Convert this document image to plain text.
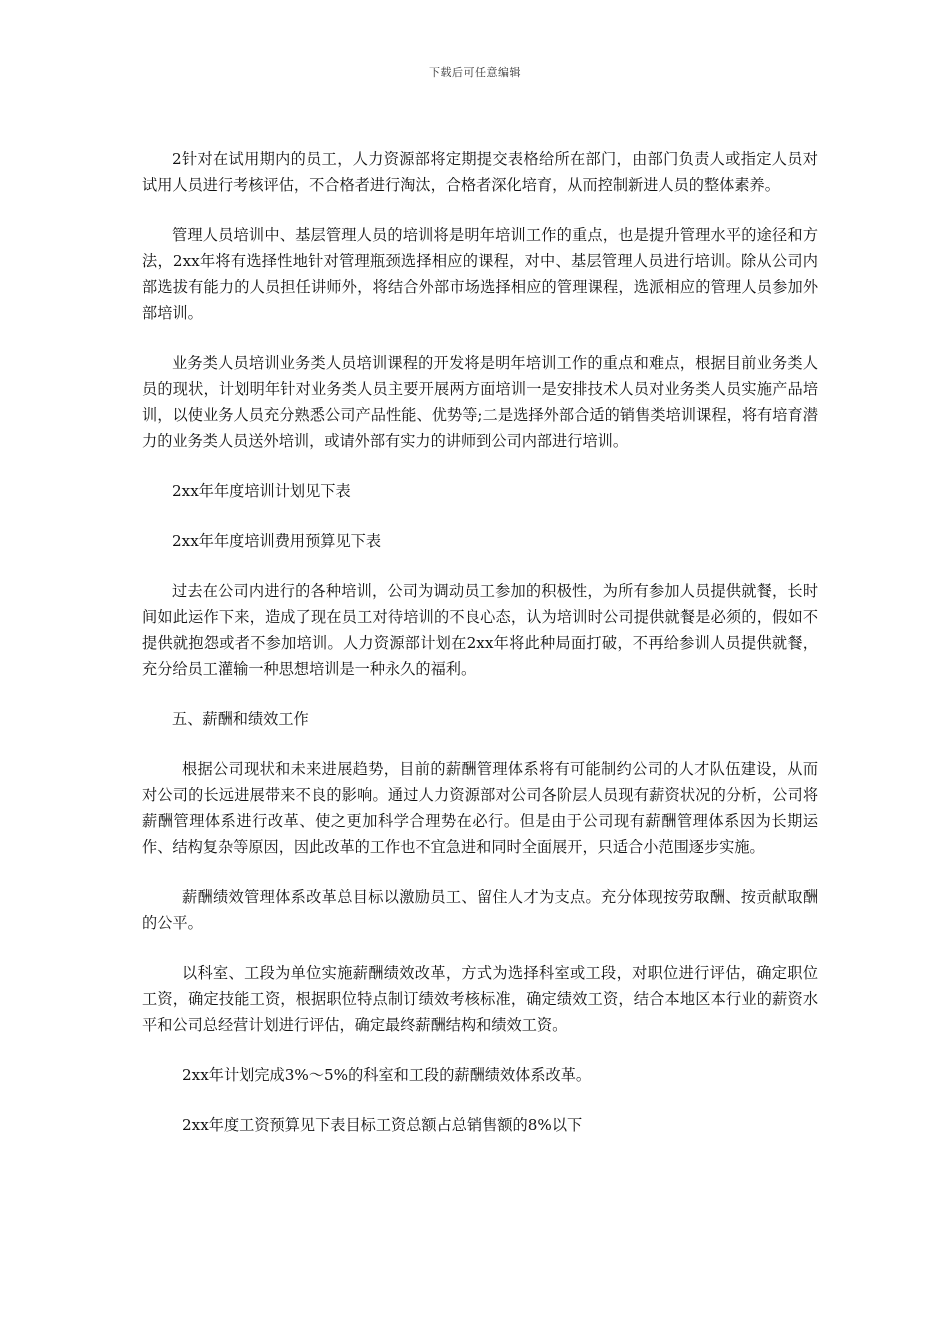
下载后可任意编辑

2针对在试用期内的员工，人力资源部将定期提交表格给所在部门，由部门负责人或指定人员对试用人员进行考核评估，不合格者进行淘汰，合格者深化培育，从而控制新进人员的整体素养。

管理人员培训中、基层管理人员的培训将是明年培训工作的重点，也是提升管理水平的途径和方法，2xx年将有选择性地针对管理瓶颈选择相应的课程，对中、基层管理人员进行培训。除从公司内部选拔有能力的人员担任讲师外，将结合外部市场选择相应的管理课程，选派相应的管理人员参加外部培训。

业务类人员培训业务类人员培训课程的开发将是明年培训工作的重点和难点，根据目前业务类人员的现状，计划明年针对业务类人员主要开展两方面培训一是安排技术人员对业务类人员实施产品培训，以使业务人员充分熟悉公司产品性能、优势等;二是选择外部合适的销售类培训课程，将有培育潜力的业务类人员送外培训，或请外部有实力的讲师到公司内部进行培训。

2xx年年度培训计划见下表

2xx年年度培训费用预算见下表

过去在公司内进行的各种培训，公司为调动员工参加的积极性，为所有参加人员提供就餐，长时间如此运作下来，造成了现在员工对待培训的不良心态，认为培训时公司提供就餐是必须的，假如不提供就抱怨或者不参加培训。人力资源部计划在2xx年将此种局面打破，不再给参训人员提供就餐，充分给员工灌输一种思想培训是一种永久的福利。

五、薪酬和绩效工作

根据公司现状和未来进展趋势，目前的薪酬管理体系将有可能制约公司的人才队伍建设，从而对公司的长远进展带来不良的影响。通过人力资源部对公司各阶层人员现有薪资状况的分析，公司将薪酬管理体系进行改革、使之更加科学合理势在必行。但是由于公司现有薪酬管理体系因为长期运作、结构复杂等原因，因此改革的工作也不宜急进和同时全面展开，只适合小范围逐步实施。

薪酬绩效管理体系改革总目标以激励员工、留住人才为支点。充分体现按劳取酬、按贡献取酬的公平。

以科室、工段为单位实施薪酬绩效改革，方式为选择科室或工段，对职位进行评估，确定职位工资，确定技能工资，根据职位特点制订绩效考核标准，确定绩效工资，结合本地区本行业的薪资水平和公司总经营计划进行评估，确定最终薪酬结构和绩效工资。

2xx年计划完成3%～5%的科室和工段的薪酬绩效体系改革。

2xx年度工资预算见下表目标工资总额占总销售额的8%以下
